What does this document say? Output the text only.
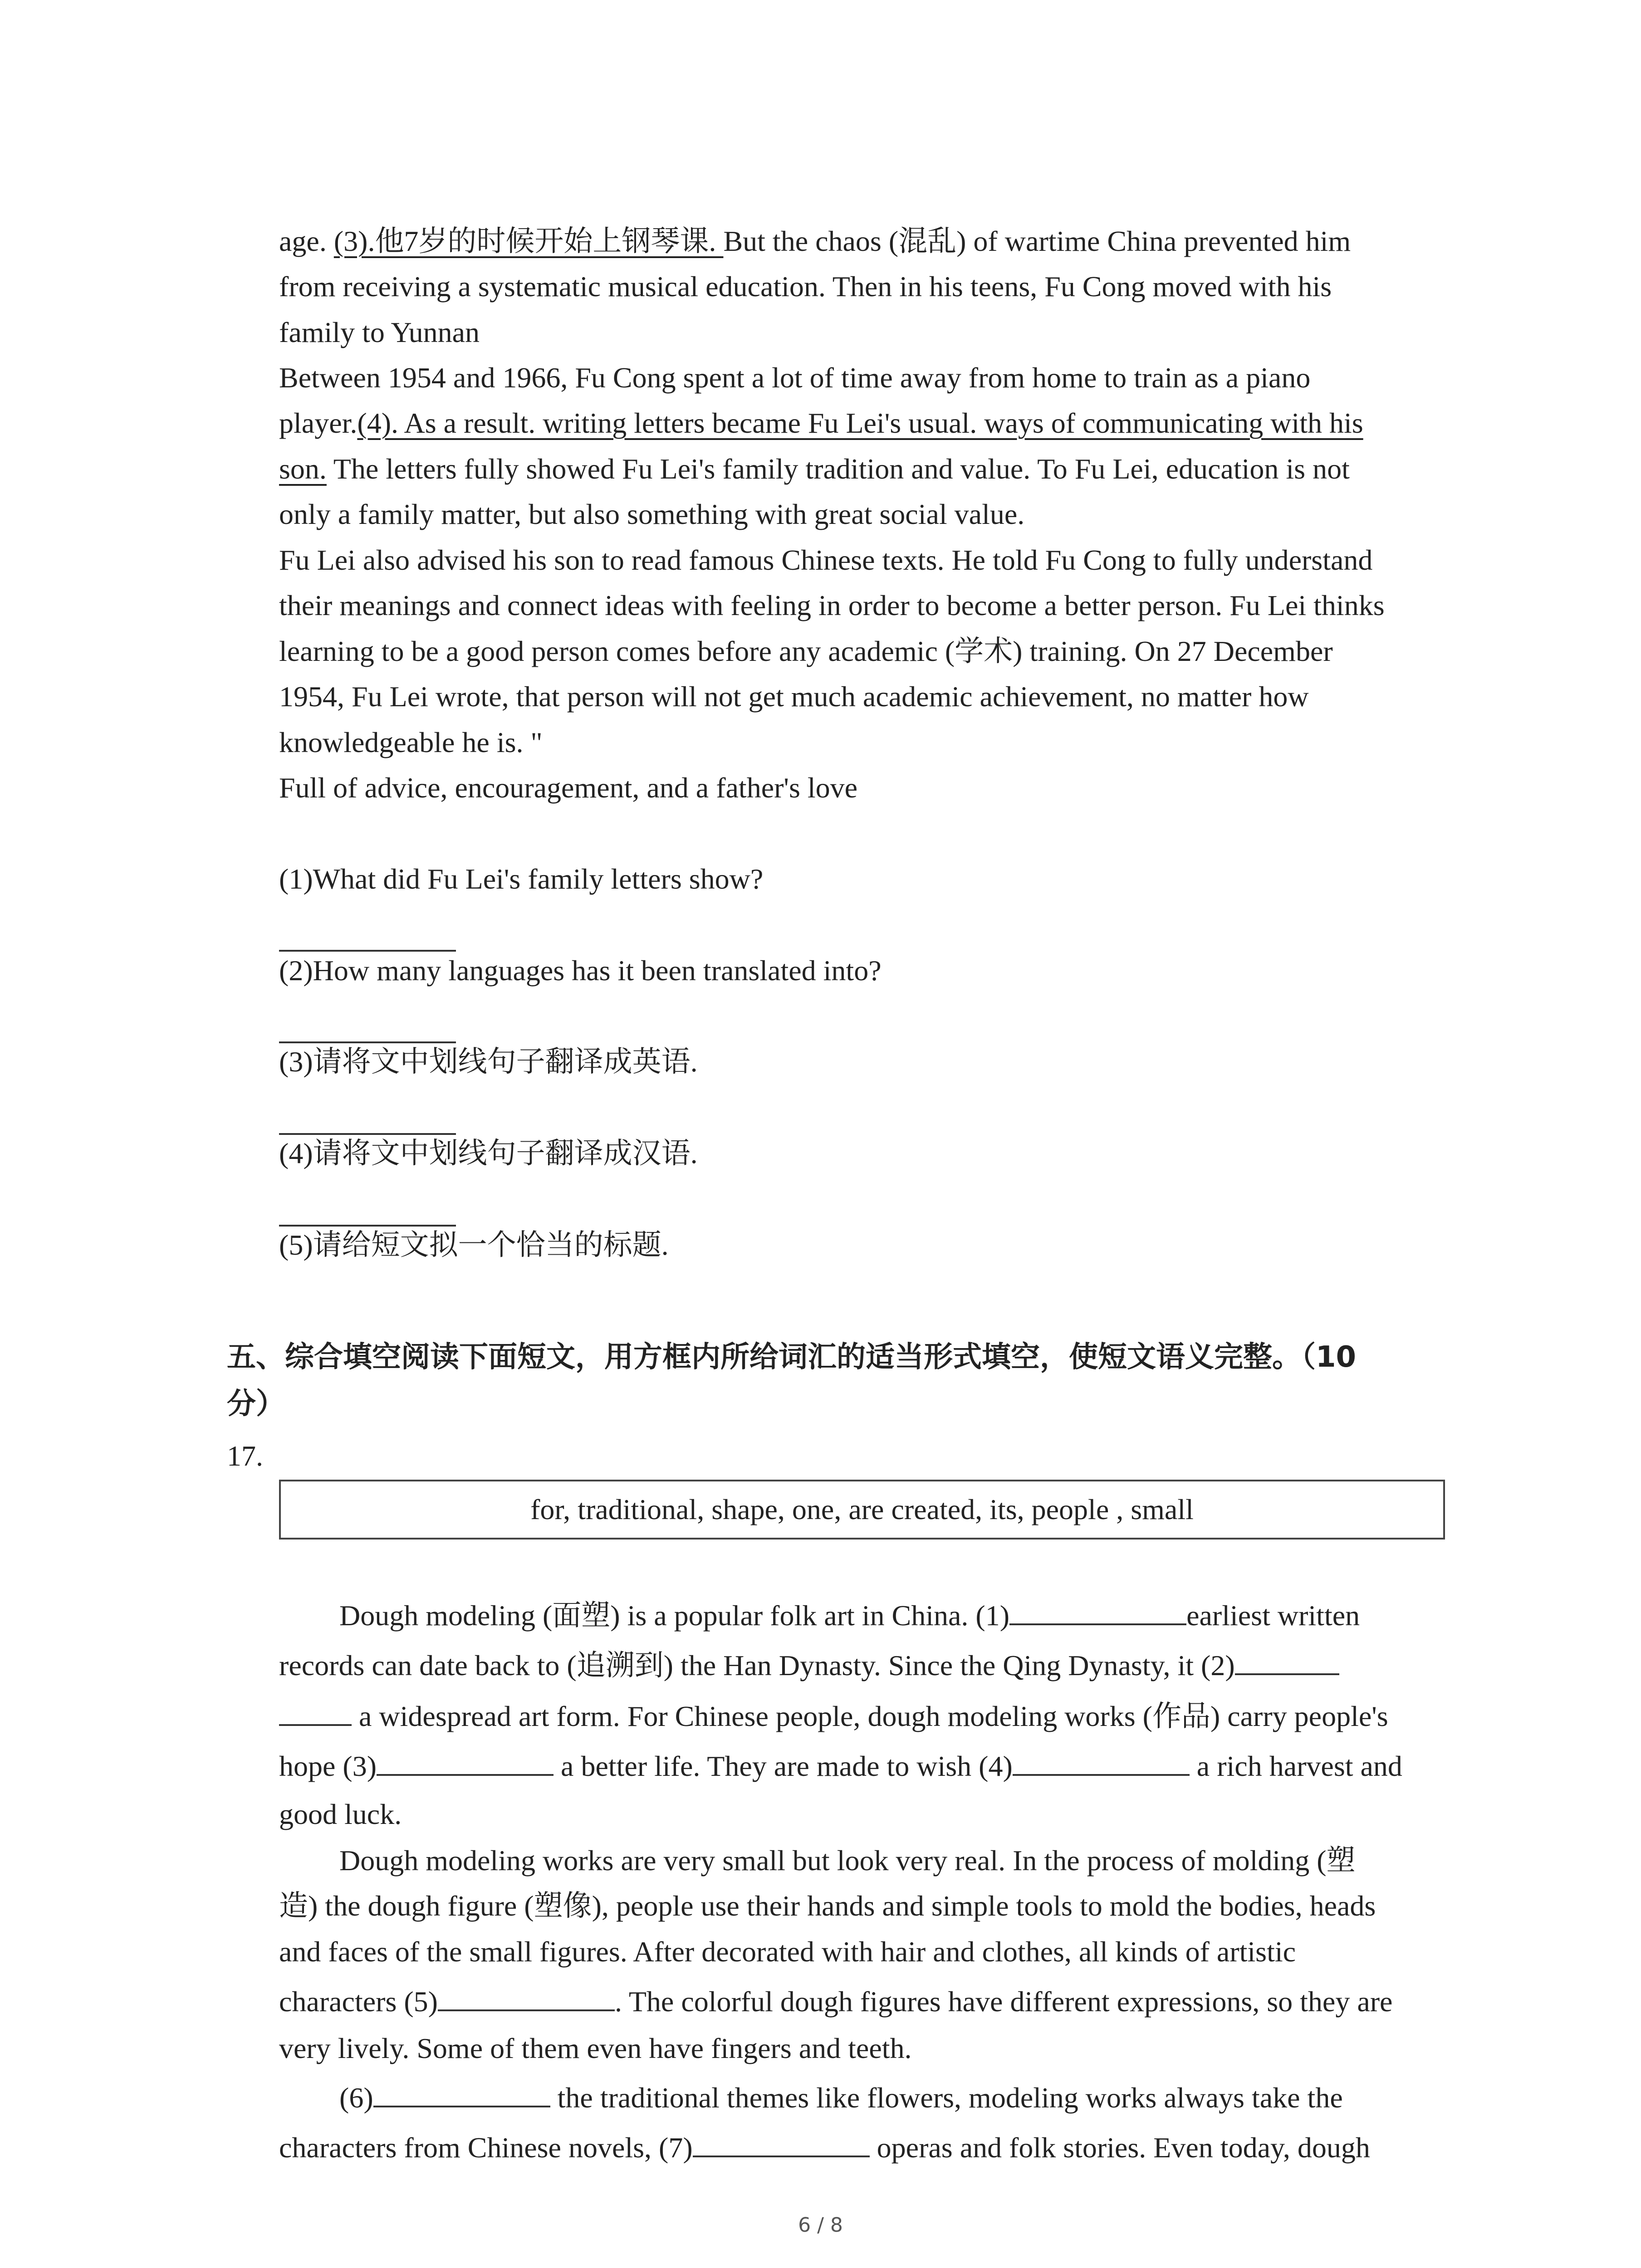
age. (3).他7岁的时候开始上钢琴课. But the chaos (混乱) of wartime China prevented him
from receiving a systematic musical education. Then in his teens, Fu Cong moved with his
family to Yunnan
Between 1954 and 1966, Fu Cong spent a lot of time away from home to train as a piano
player.(4). As a result. writing letters became Fu Lei's usual. ways of communicating with his
son. The letters fully showed Fu Lei's family tradition and value. To Fu Lei, education is not
only a family matter, but also something with great social value.
Fu Lei also advised his son to read famous Chinese texts. He told Fu Cong to fully understand
their meanings and connect ideas with feeling in order to become a better person. Fu Lei thinks
learning to be a good person comes before any academic (学术) training. On 27 December
1954, Fu Lei wrote, that person will not get much academic achievement, no matter how
knowledgeable he is. "
Full of advice, encouragement, and a father's love
(1)What did Fu Lei's family letters show?
(2)How many languages has it been translated into?
(3)请将文中划线句子翻译成英语.
(4)请将文中划线句子翻译成汉语.
(5)请给短文拟一个恰当的标题.
五、综合填空阅读下面短文，用方框内所给词汇的适当形式填空，使短文语义完整。（10
分）
17.
for, traditional, shape, one, are created, its, people , small
Dough modeling (面塑) is a popular folk art in China. (1)	earliest written
records can date back to (追溯到) the Han Dynasty. Since the Qing Dynasty, it (2)
a widespread art form. For Chinese people, dough modeling works (作品) carry people's
hope (3)	a better life. They are made to wish (4)	a rich harvest and
good luck.
Dough modeling works are very small but look very real. In the process of molding (塑
造) the dough figure (塑像), people use their hands and simple tools to mold the bodies, heads
and faces of the small figures. After decorated with hair and clothes, all kinds of artistic
characters (5)	. The colorful dough figures have different expressions, so they are
very lively. Some of them even have fingers and teeth.
(6)	the traditional themes like flowers, modeling works always take the
characters from Chinese novels, (7)	operas and folk stories. Even today, dough
6 / 8
